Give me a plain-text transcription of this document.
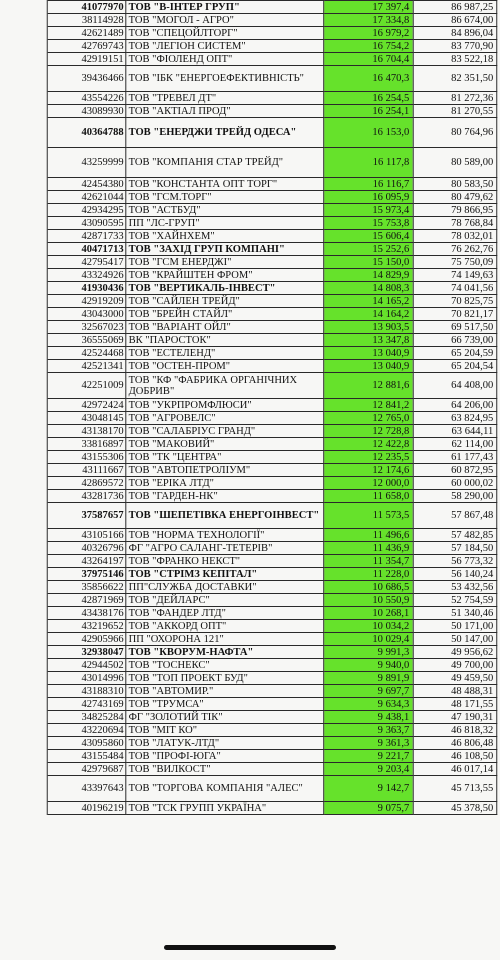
	41077970	ТОВ "В-ІНТЕР ГРУП"	17 397,4	86 987,25
	38114928	ТОВ "МОГОЛ - АГРО"	17 334,8	86 674,00
	42621489	ТОВ "СПЕЦОЙЛТОРГ"	16 979,2	84 896,04
	42769743	ТОВ "ЛЕГІОН СИСТЕМ"	16 754,2	83 770,90
	42919151	ТОВ "ФІОЛЕНД ОПТ"	16 704,4	83 522,18
	39436466	ТОВ "ІБК "ЕНЕРГОЕФЕКТИВНІСТЬ"	16 470,3	82 351,50
	43554226	ТОВ "ТРЕВЕЛ ДТ"	16 254,5	81 272,36
	43089930	ТОВ "АКТІАЛ ПРОД"	16 254,1	81 270,55
	40364788	ТОВ "ЕНЕРДЖИ ТРЕЙД ОДЕСА"	16 153,0	80 764,96
	43259999	ТОВ "КОМПАНІЯ СТАР ТРЕЙД"	16 117,8	80 589,00
	42454380	ТОВ "КОНСТАНТА ОПТ ТОРГ"	16 116,7	80 583,50
	42621044	ТОВ "ГСМ.ТОРГ"	16 095,9	80 479,62
	42934295	ТОВ "АСТБУД"	15 973,4	79 866,95
	43090595	ПП "ЛС-ГРУП"	15 753,8	78 768,84
	42871733	ТОВ "ХАЙНХЕМ"	15 606,4	78 032,01
	40471713	ТОВ "ЗАХІД ГРУП КОМПАНІ"	15 252,6	76 262,76
	42795417	ТОВ "ГСМ ЕНЕРДЖІ"	15 150,0	75 750,09
	43324926	ТОВ "КРАЙШТЕН ФРОМ"	14 829,9	74 149,63
	41930436	ТОВ "ВЕРТИКАЛЬ-ІНВЕСТ"	14 808,3	74 041,56
	42919209	ТОВ "САЙЛЕН ТРЕЙД"	14 165,2	70 825,75
	43043000	ТОВ "БРЕЙН СТАЙЛ"	14 164,2	70 821,17
	32567023	ТОВ "ВАРІАНТ ОЙЛ"	13 903,5	69 517,50
	36555069	ВК "ПАРОСТОК"	13 347,8	66 739,00
	42524468	ТОВ "ЕСТЕЛЕНД"	13 040,9	65 204,59
	42521341	ТОВ "ОСТЕН-ПРОМ"	13 040,9	65 204,54
	42251009	ТОВ "КФ "ФАБРИКА ОРГАНІЧНИХ ДОБРИВ"	12 881,6	64 408,00
	42972424	ТОВ "УКРПРОМФЛЮСИ"	12 841,2	64 206,00
	43048145	ТОВ "АГРОВЕЛС"	12 765,0	63 824,95
	43138170	ТОВ "САЛАБРІУС ГРАНД"	12 728,8	63 644,11
	33816897	ТОВ "МАКОВИЙ"	12 422,8	62 114,00
	43155306	ТОВ "ТК "ЦЕНТРА"	12 235,5	61 177,43
	43111667	ТОВ "АВТОПЕТРОЛІУМ"	12 174,6	60 872,95
	42869572	ТОВ "ЕРІКА ЛТД"	12 000,0	60 000,02
	43281736	ТОВ "ГАРДЕН-НК"	11 658,0	58 290,00
	37587657	ТОВ "ШЕПЕТІВКА ЕНЕРГОІНВЕСТ"	11 573,5	57 867,48
	43105166	ТОВ "НОРМА ТЕХНОЛОГІЇ"	11 496,6	57 482,85
	40326796	ФГ "АГРО САЛАНГ-ТЕТЕРІВ"	11 436,9	57 184,50
	43264197	ТОВ "ФРАНКО НЕКСТ"	11 354,7	56 773,32
	37975146	ТОВ "СТРІМЗ КЕПІТАЛ"	11 228,0	56 140,24
	35856622	ПП"СЛУЖБА ДОСТАВКИ"	10 686,5	53 432,56
	42871969	ТОВ "ДЕЙЛАРС"	10 550,9	52 754,59
	43438176	ТОВ "ФАНДЕР ЛТД"	10 268,1	51 340,46
	43219652	ТОВ "АККОРД ОПТ"	10 034,2	50 171,00
	42905966	ПП "ОХОРОНА 121"	10 029,4	50 147,00
	32938047	ТОВ "КВОРУМ-НАФТА"	9 991,3	49 956,62
	42944502	ТОВ "ТОСНЕКС"	9 940,0	49 700,00
	43014996	ТОВ "ТОП ПРОЕКТ БУД"	9 891,9	49 459,50
	43188310	ТОВ "АВТОМИР."	9 697,7	48 488,31
	42743169	ТОВ "ТРУМСА"	9 634,3	48 171,55
	34825284	ФГ "ЗОЛОТИЙ ТІК"	9 438,1	47 190,31
	43220694	ТОВ "МІТ КО"	9 363,7	46 818,32
	43095860	ТОВ "ЛАТУК-ЛТД"	9 361,3	46 806,48
	43155484	ТОВ "ПРОФІ-ЮГА"	9 221,7	46 108,50
	42979687	ТОВ "ВИЛКОСТ"	9 203,4	46 017,14
	43397643	ТОВ "ТОРГОВА КОМПАНІЯ "АЛЕС"	9 142,7	45 713,55
	40196219	ТОВ "ТСК ГРУПП УКРАЇНА"	9 075,7	45 378,50
